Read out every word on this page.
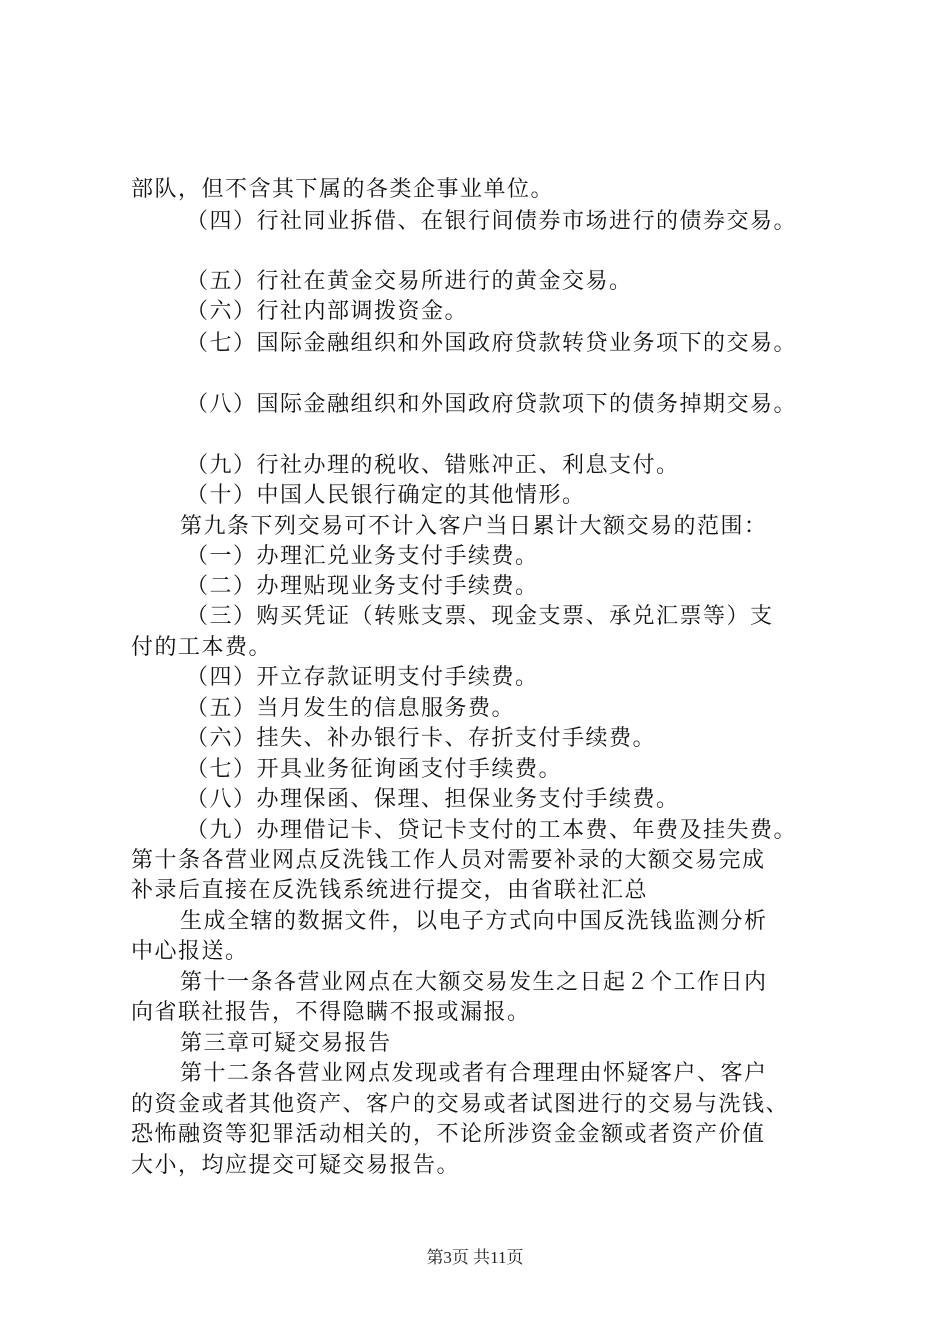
部队，但不含其下属的各类企事业单位。
（四）行社同业拆借、在银行间债券市场进行的债券交易。
（五）行社在黄金交易所进行的黄金交易。
（六）行社内部调拨资金。
（七）国际金融组织和外国政府贷款转贷业务项下的交易。
（八）国际金融组织和外国政府贷款项下的债务掉期交易。
（九）行社办理的税收、错账冲正、利息支付。
（十）中国人民银行确定的其他情形。
第九条下列交易可不计入客户当日累计大额交易的范围：
（一）办理汇兑业务支付手续费。
（二）办理贴现业务支付手续费。
（三）购买凭证（转账支票、现金支票、承兑汇票等）支
付的工本费。
（四）开立存款证明支付手续费。
（五）当月发生的信息服务费。
（六）挂失、补办银行卡、存折支付手续费。
（七）开具业务征询函支付手续费。
（八）办理保函、保理、担保业务支付手续费。
（九）办理借记卡、贷记卡支付的工本费、年费及挂失费。
第十条各营业网点反洗钱工作人员对需要补录的大额交易完成
补录后直接在反洗钱系统进行提交，由省联社汇总
生成全辖的数据文件，以电子方式向中国反洗钱监测分析
中心报送。
第十一条各营业网点在大额交易发生之日起２个工作日内
向省联社报告，不得隐瞒不报或漏报。
第三章可疑交易报告
第十二条各营业网点发现或者有合理理由怀疑客户、客户
的资金或者其他资产、客户的交易或者试图进行的交易与洗钱、
恐怖融资等犯罪活动相关的，不论所涉资金金额或者资产价值
大小，均应提交可疑交易报告。
第3页 共11页
